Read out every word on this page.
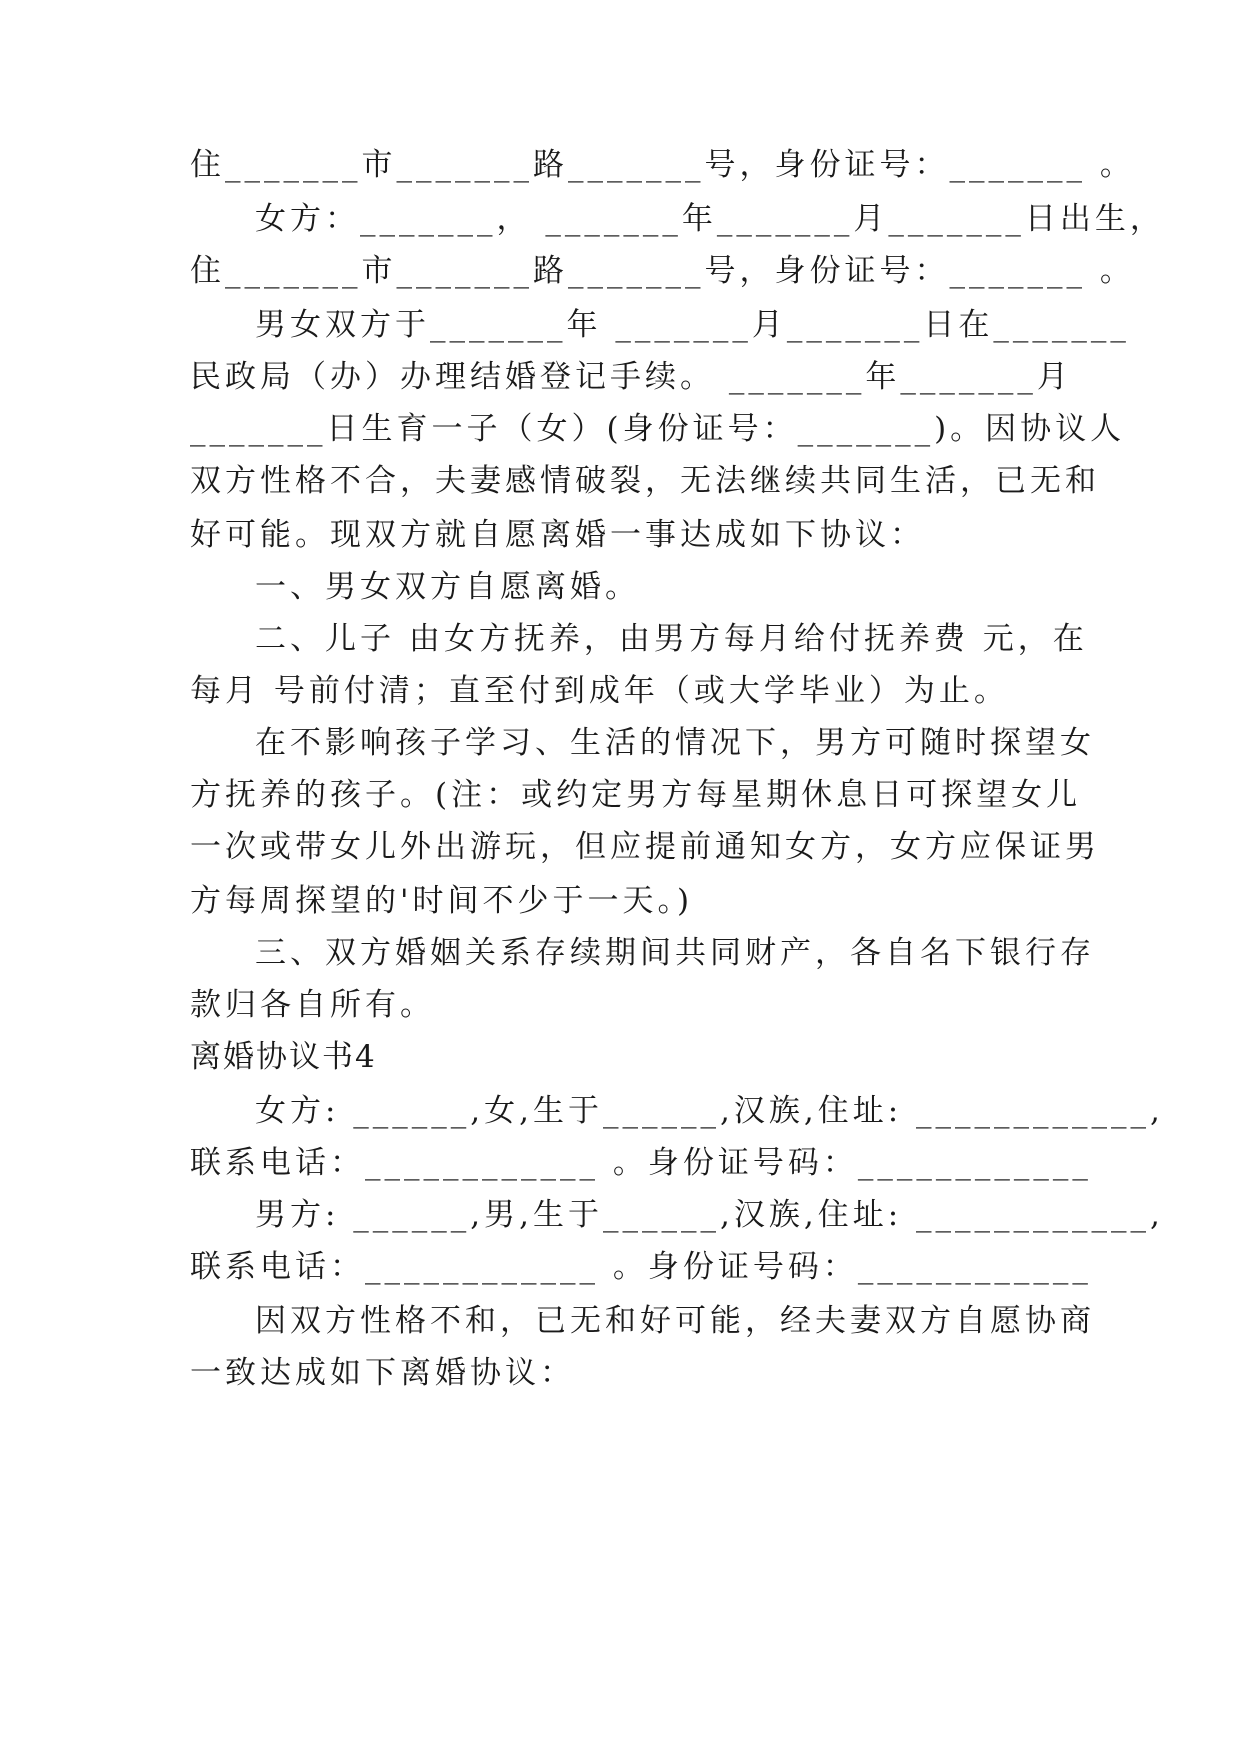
住_______市_______路_______号，身份证号：_______ 。
女方：_______， _______年_______月_______日出生，
住_______市_______路_______号，身份证号：_______ 。
男女双方于_______年 _______月_______日在_______
民政局（办）办理结婚登记手续。 _______年_______月
_______日生育一子（女）(身份证号：_______)。因协议人
双方性格不合，夫妻感情破裂，无法继续共同生活，已无和
好可能。现双方就自愿离婚一事达成如下协议：
一、男女双方自愿离婚。
二、儿子 由女方抚养，由男方每月给付抚养费 元，在
每月 号前付清；直至付到成年（或大学毕业）为止。
在不影响孩子学习、生活的情况下，男方可随时探望女
方抚养的孩子。(注：或约定男方每星期休息日可探望女儿
一次或带女儿外出游玩，但应提前通知女方，女方应保证男
方每周探望的'时间不少于一天。)
三、双方婚姻关系存续期间共同财产，各自名下银行存
款归各自所有。
离婚协议书4
女方: ______,女,生于______,汉族,住址: ____________,
联系电话：____________ 。身份证号码：____________
男方: ______,男,生于______,汉族,住址: ____________,
联系电话：____________ 。身份证号码：____________
因双方性格不和，已无和好可能，经夫妻双方自愿协商
一致达成如下离婚协议：
